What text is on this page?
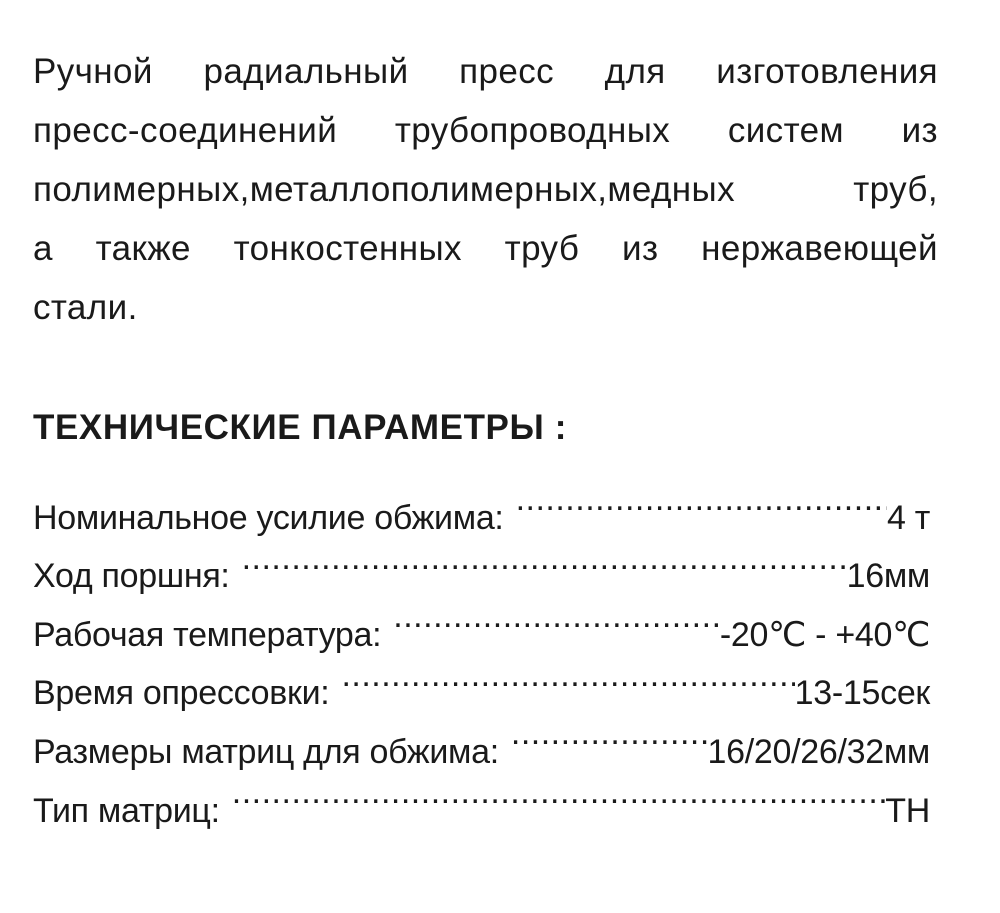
Ручной радиальный пресс для изготовления
пресс-соединений трубопроводных систем из
полимерных,металлополимерных,медных труб,
а также тонкостенных труб из нержавеющей
стали.
ТЕХНИЧЕСКИЕ ПАРАМЕТРЫ :
Номинальное усилие обжима: .....	4 т
Ход поршня: .....	16мм
Рабочая температура: .....	-20℃ - +40℃
Время опрессовки: .....	13-15сек
Размеры матриц для обжима: .....	16/20/26/32мм
Тип матриц: .....	TH
